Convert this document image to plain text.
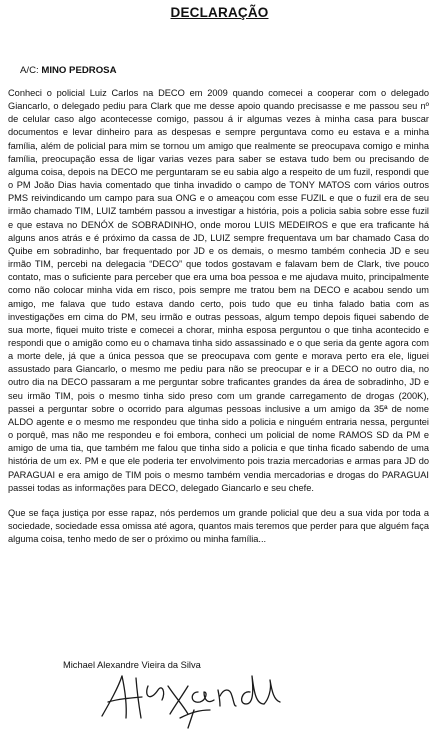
DECLARAÇÃO
A/C: MINO PEDROSA

Conheci o policial Luiz Carlos na DECO em 2009 quando comecei a cooperar com o delegado Giancarlo, o delegado pediu para Clark que me desse apoio quando precisasse e me passou seu nº de celular caso algo acontecesse comigo, passou á ir algumas vezes à minha casa para buscar documentos e levar dinheiro para as despesas e sempre perguntava como eu estava e a minha família, além de policial para mim se tornou um amigo que realmente se preocupava comigo e minha família, preocupação essa de ligar varias vezes para saber se estava tudo bem ou precisando de alguma coisa, depois na DECO me perguntaram se eu sabia algo a respeito de um fuzil, respondi que o PM João Dias havia comentado que tinha invadido o campo de TONY MATOS com vários outros PMS reivindicando um campo para sua ONG e o ameaçou com esse FUZIL e que o fuzil era de seu irmão chamado TIM, LUIZ também passou a investigar a história, pois a policia sabia sobre esse fuzil e que estava no DENÓX de SOBRADINHO, onde morou LUIS MEDEIROS e que era traficante há alguns anos atrás e é próximo da cassa de JD, LUIZ sempre frequentava um bar chamado Casa do Quibe em sobradinho, bar frequentado por JD e os demais, o mesmo também conhecia JD e seu irmão TIM, percebi na delegacia “DECO” que todos gostavam e falavam bem de Clark, tive pouco contato, mas o suficiente para perceber que era uma boa pessoa e me ajudava muito, principalmente como não colocar minha vida em risco, pois sempre me tratou bem na DECO e acabou sendo um amigo, me falava que tudo estava dando certo, pois tudo que eu tinha falado batia com as investigações em cima do PM, seu irmão e outras pessoas, algum tempo depois fiquei sabendo de sua morte, fiquei muito triste e comecei a chorar, minha esposa perguntou o que tinha acontecido e respondi que o amigão como eu o chamava tinha sido assassinado e o que seria da gente agora com a morte dele, já que a única pessoa que se preocupava com gente e morava perto era ele, liguei assustado para Giancarlo, o mesmo me pediu para não se preocupar e ir a DECO no outro dia, no outro dia na DECO passaram a me perguntar sobre traficantes grandes da área de sobradinho, JD e seu irmão TIM, pois o mesmo tinha sido preso com um grande carregamento de drogas (200K), passei a perguntar sobre o ocorrido para algumas pessoas inclusive a um amigo da 35ª de nome ALDO agente e o mesmo me respondeu que tinha sido a policia e ninguém entraria nessa, perguntei o porquê, mas não me respondeu e foi embora, conheci um policial de nome RAMOS SD da PM e amigo de uma tia, que também me falou que tinha sido a policia e que tinha ficado sabendo de uma história de um ex. PM e que ele poderia ter envolvimento pois trazia mercadorias e armas para JD do PARAGUAI e era amigo de TIM pois o mesmo também vendia mercadorias e drogas do PARAGUAI passei todas as informações para DECO, delegado Giancarlo e seu chefe.

Que se faça justiça por esse rapaz, nós perdemos um grande policial que deu a sua vida por toda a sociedade, sociedade essa omissa até agora, quantos mais teremos que perder para que alguém faça alguma coisa, tenho medo de ser o próximo ou minha família...

Michael Alexandre Vieira da Silva
